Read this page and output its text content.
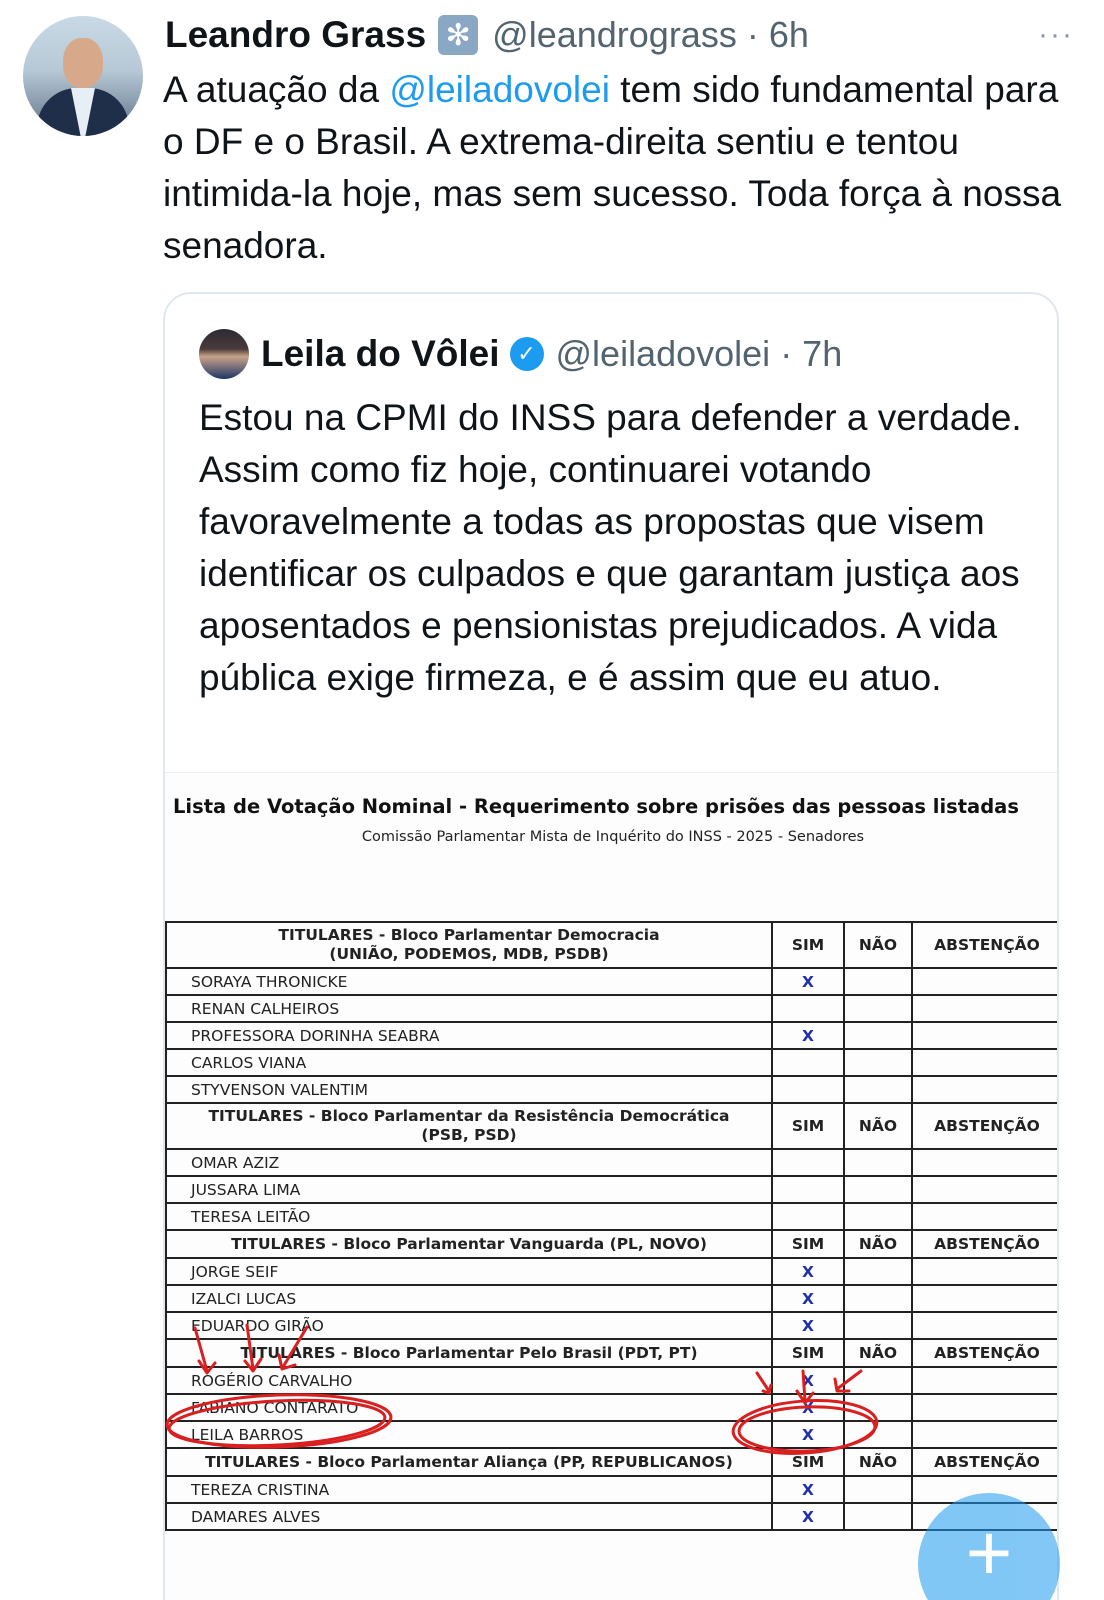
Leandro Grass ✻ @leandrograss · 6h	···
A atuação da @leiladovolei tem sido fundamental para o DF e o Brasil. A extrema-direita sentiu e tentou intimida-la hoje, mas sem sucesso. Toda força à nossa senadora.
Leila do Vôlei ✓ @leiladovolei · 7h
Estou na CPMI do INSS para defender a verdade. Assim como fiz hoje, continuarei votando favoravelmente a todas as propostas que visem identificar os culpados e que garantam justiça aos aposentados e pensionistas prejudicados. A vida pública exige firmeza, e é assim que eu atuo.
Lista de Votação Nominal - Requerimento sobre prisões das pessoas listadas
Comissão Parlamentar Mista de Inquérito do INSS - 2025 - Senadores
TITULARES - Bloco Parlamentar Democracia
(UNIÃO, PODEMOS, MDB, PSDB)	SIM	NÃO	ABSTENÇÃO
SORAYA THRONICKE	X		
RENAN CALHEIROS			
PROFESSORA DORINHA SEABRA	X		
CARLOS VIANA			
STYVENSON VALENTIM			

TITULARES - Bloco Parlamentar da Resistência Democrática
(PSB, PSD)	SIM	NÃO	ABSTENÇÃO
OMAR AZIZ			
JUSSARA LIMA			
TERESA LEITÃO			

TITULARES - Bloco Parlamentar Vanguarda (PL, NOVO)	SIM	NÃO	ABSTENÇÃO
JORGE SEIF	X		
IZALCI LUCAS	X		
EDUARDO GIRÃO	X		

TITULARES - Bloco Parlamentar Pelo Brasil (PDT, PT)	SIM	NÃO	ABSTENÇÃO
ROGÉRIO CARVALHO	X		
FABIANO CONTARATO	X		
LEILA BARROS	X		

TITULARES - Bloco Parlamentar Aliança (PP, REPUBLICANOS)	SIM	NÃO	ABSTENÇÃO
TEREZA CRISTINA	X		
DAMARES ALVES	X			+
